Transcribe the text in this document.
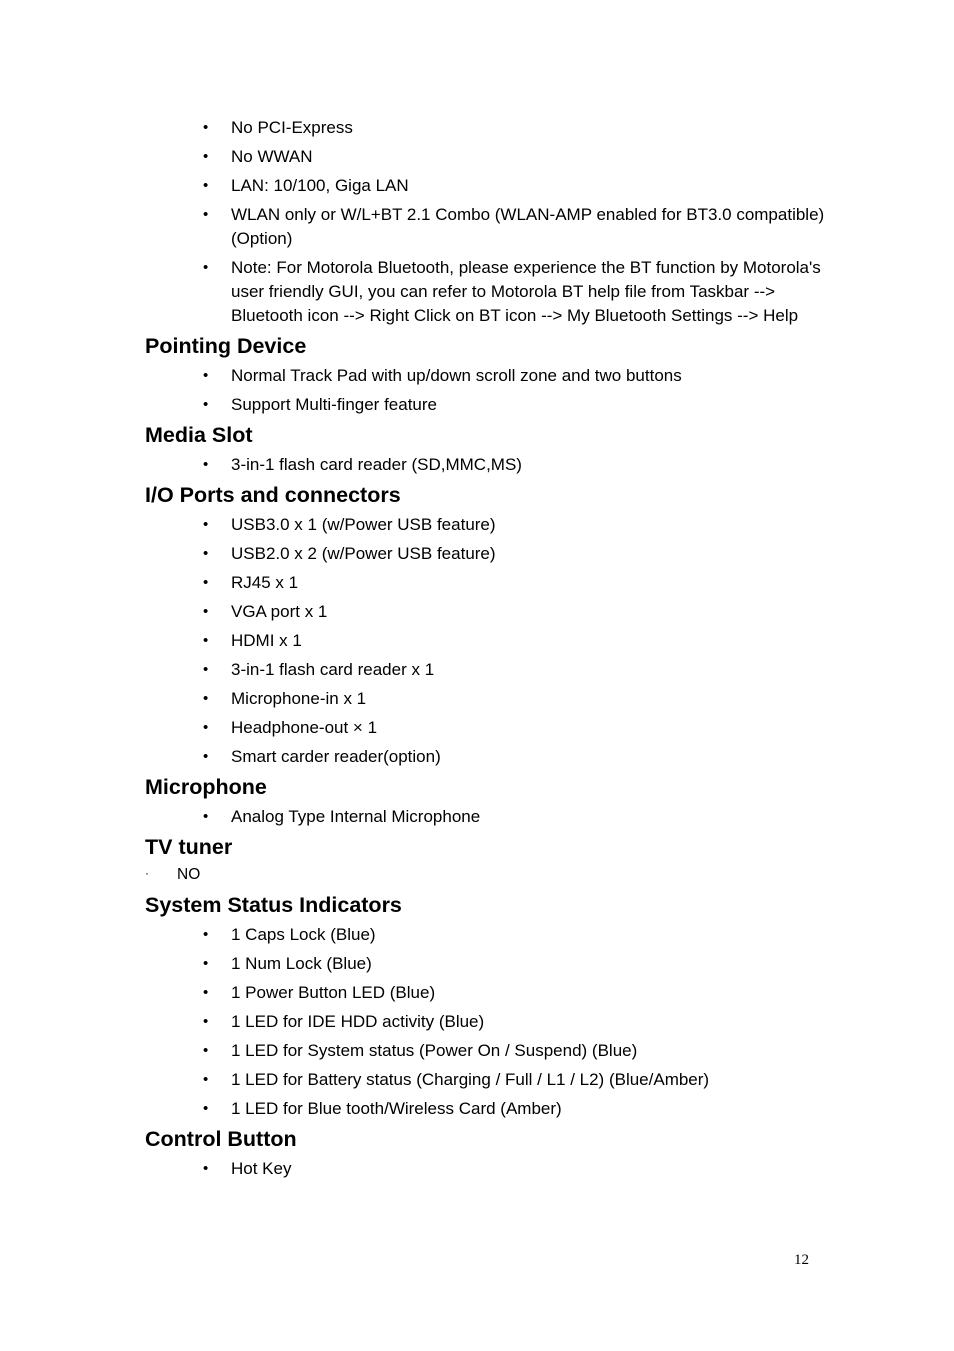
• No PCI-Express
• No WWAN
• LAN: 10/100, Giga LAN
• WLAN only or W/L+BT 2.1 Combo (WLAN-AMP enabled for BT3.0 compatible) (Option)
• Note: For Motorola Bluetooth, please experience the BT function by Motorola's user friendly GUI, you can refer to Motorola BT help file from Taskbar --> Bluetooth icon --> Right Click on BT icon --> My Bluetooth Settings --> Help
Pointing Device
• Normal Track Pad with up/down scroll zone and two buttons
• Support Multi-finger feature
Media Slot
• 3-in-1 flash card reader (SD,MMC,MS)
I/O Ports and connectors
• USB3.0 x 1 (w/Power USB feature)
• USB2.0 x 2 (w/Power USB feature)
• RJ45 x 1
• VGA port x 1
• HDMI x 1
• 3-in-1 flash card reader x 1
• Microphone-in x 1
• Headphone-out × 1
• Smart carder reader(option)
Microphone
• Analog Type Internal Microphone
TV tuner
· NO
System Status Indicators
• 1 Caps Lock (Blue)
• 1 Num Lock (Blue)
• 1 Power Button LED (Blue)
• 1 LED for IDE HDD activity (Blue)
• 1 LED for System status (Power On / Suspend) (Blue)
• 1 LED for Battery status (Charging / Full / L1 / L2) (Blue/Amber)
• 1 LED for Blue tooth/Wireless Card (Amber)
Control Button
• Hot Key
12
